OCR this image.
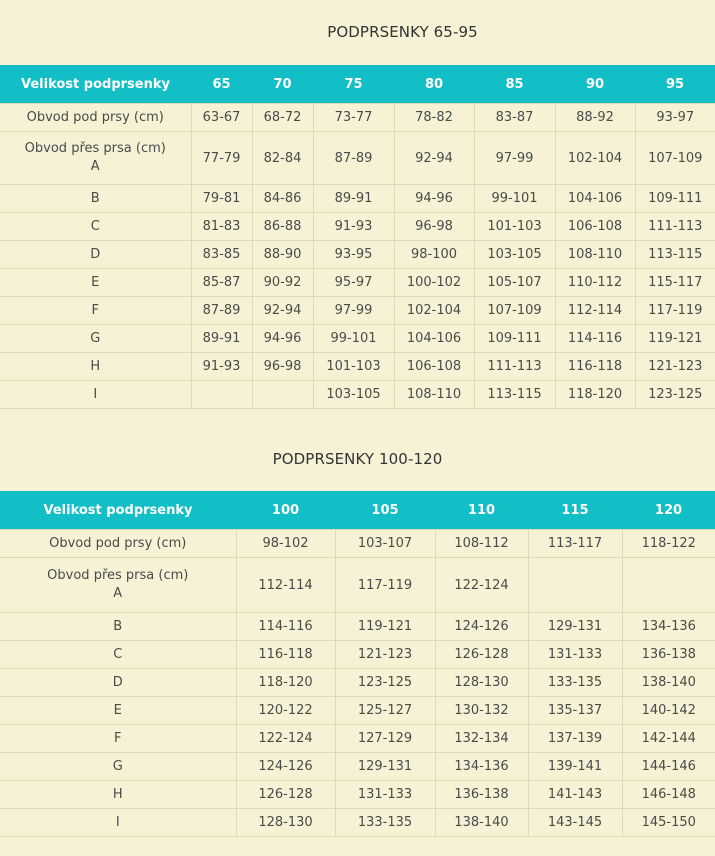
PODPRSENKY 65-95
Velikost podprsenky	65	70	75	80	85	90	95
Obvod pod prsy (cm)	63-67	68-72	73-77	78-82	83-87	88-92	93-97
Obvod přes prsa (cm)
A	77-79	82-84	87-89	92-94	97-99	102-104	107-109
B	79-81	84-86	89-91	94-96	99-101	104-106	109-111
C	81-83	86-88	91-93	96-98	101-103	106-108	111-113
D	83-85	88-90	93-95	98-100	103-105	108-110	113-115
E	85-87	90-92	95-97	100-102	105-107	110-112	115-117
F	87-89	92-94	97-99	102-104	107-109	112-114	117-119
G	89-91	94-96	99-101	104-106	109-111	114-116	119-121
H	91-93	96-98	101-103	106-108	111-113	116-118	121-123
I			103-105	108-110	113-115	118-120	123-125
PODPRSENKY 100-120
Velikost podprsenky	100	105	110	115	120
Obvod pod prsy (cm)	98-102	103-107	108-112	113-117	118-122
Obvod přes prsa (cm)
A	112-114	117-119	122-124		
B	114-116	119-121	124-126	129-131	134-136
C	116-118	121-123	126-128	131-133	136-138
D	118-120	123-125	128-130	133-135	138-140
E	120-122	125-127	130-132	135-137	140-142
F	122-124	127-129	132-134	137-139	142-144
G	124-126	129-131	134-136	139-141	144-146
H	126-128	131-133	136-138	141-143	146-148
I	128-130	133-135	138-140	143-145	145-150
